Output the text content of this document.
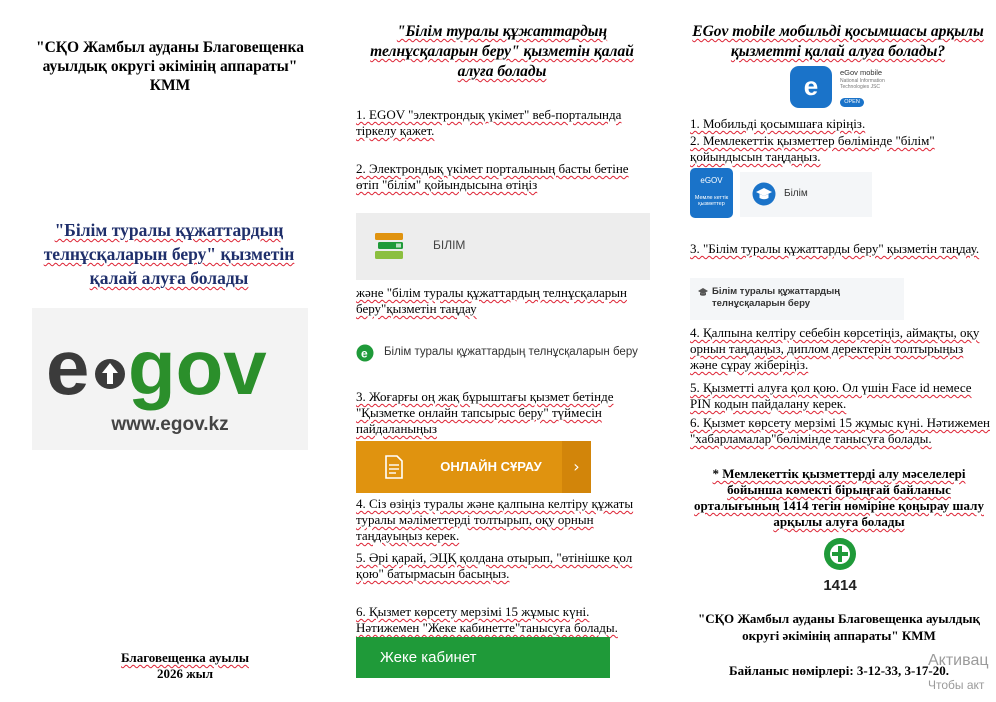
"СҚО Жамбыл ауданы Благовещенка ауылдық округі әкімінің аппараты" КММ
"Білім туралы құжаттардың телнұсқаларын беру" қызметін қалай алуға болады
e gov
www.egov.kz
Благовещенка ауылы
2026 жыл
"Білім туралы құжаттардың телнұсқаларын беру" қызметін қалай алуға болады
1. EGOV "электрондық үкімет" веб-порталында тіркелу қажет.
2. Электрондық үкімет порталының басты бетіне өтіп "білім" қойындысына өтіңіз
БІЛІМ
және "білім туралы құжаттардың телнұсқаларын беру"қызметін таңдау
e Білім туралы құжаттардың телнұсқаларын беру
3. Жоғарғы оң жақ бұрыштағы қызмет бетінде "Қызметке онлайн тапсырыс беру" түймесін пайдаланыңыз
ОНЛАЙН СҰРАУ	›
4. Сіз өзіңіз туралы және қалпына келтіру құжаты туралы мәліметтерді толтырып, оқу орнын таңдауыңыз керек.
5. Әрі қарай, ЭЦҚ қолдана отырып, "өтінішке қол қою" батырмасын басыңыз.
6. Қызмет көрсету мерзімі 15 жұмыс күні. Нәтижемен "Жеке кабинетте"танысуға болады.
Жеке кабинет
EGov mobile мобильді қосымшасы арқылы қызметті қалай алуға болады?
e	eGov mobile
National Information Technologies JSC
OPEN
1. Мобильді қосымшаға кіріңіз.
2. Мемлекеттік қызметтер бөлімінде "білім" қойындысын таңдаңыз.
eGOV
Мемле кеттік қызметтер
Білім
3. "Білім туралы құжаттарды беру" қызметін таңдау.
Білім туралы құжаттардың телнұсқаларын беру
4. Қалпына келтіру себебін көрсетіңіз, аймақты, оқу орнын таңдаңыз, диплом деректерін толтырыңыз және сұрау жіберіңіз.
5. Қызметті алуға қол қою. Ол үшін Face id немесе PIN кодын пайдалану керек.
6. Қызмет көрсету мерзімі 15 жұмыс күні. Нәтижемен "хабарламалар"бөлімінде танысуға болады.
* Мемлекеттік қызметтерді алу мәселелері бойынша көмекті бірыңғай байланыс орталығының 1414 тегін нөміріне қоңырау шалу арқылы алуға болады
1414
"СҚО Жамбыл ауданы Благовещенка ауылдық округі әкімінің аппараты" КММ
Байланыс нөмірлері: 3-12-33, 3-17-20.
Активац
Чтобы акт
